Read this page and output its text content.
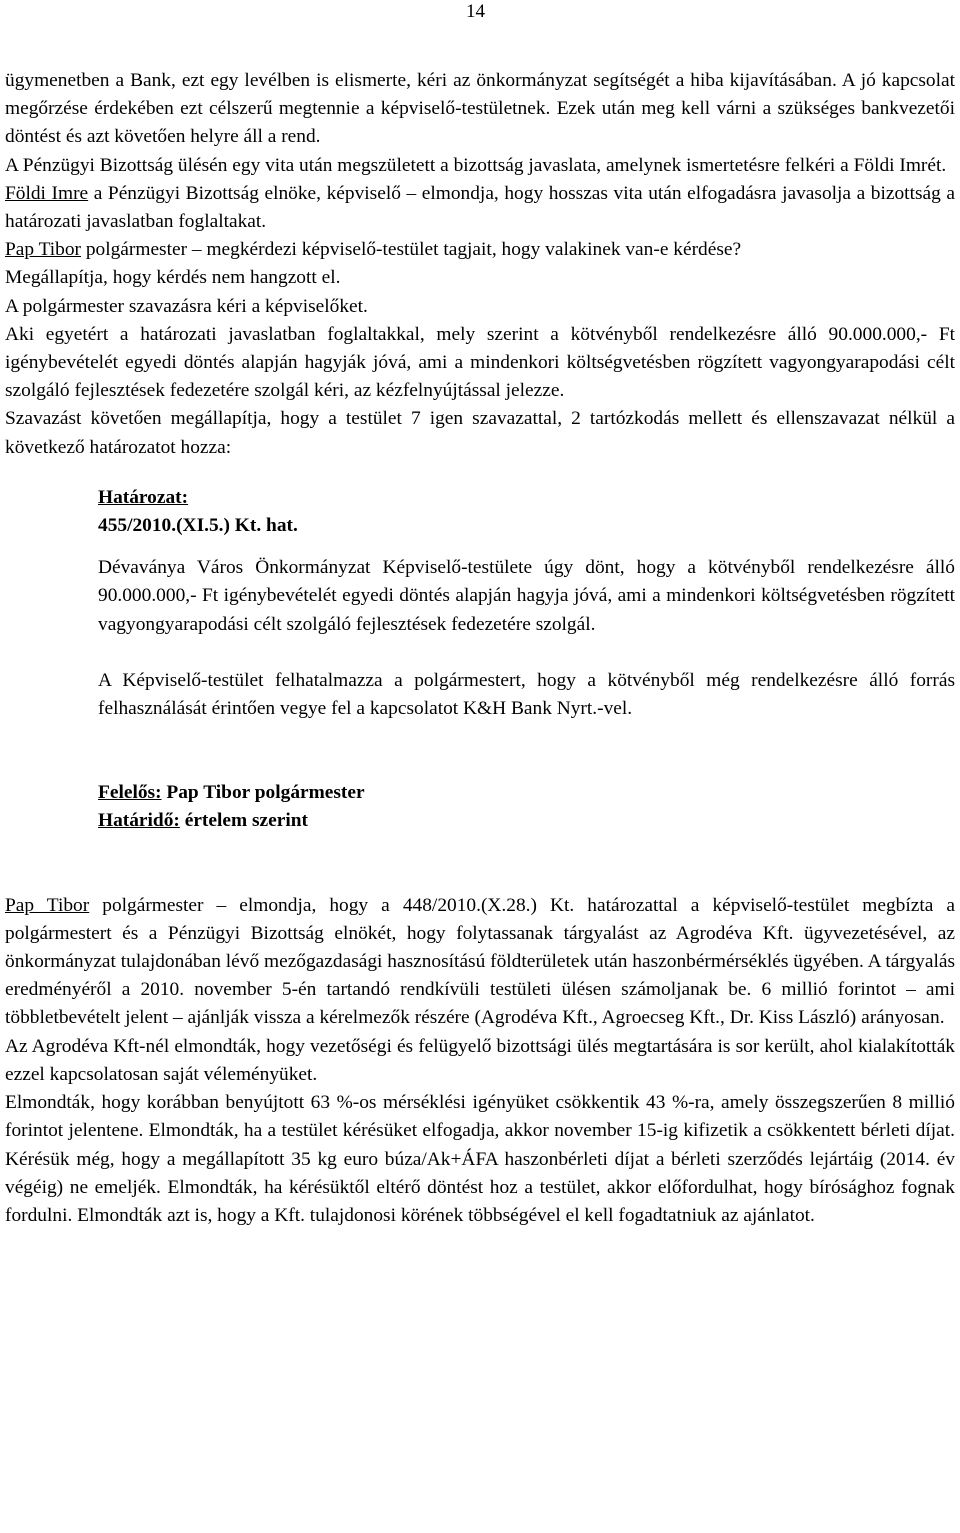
14

ügymenetben a Bank, ezt egy levélben is elismerte, kéri az önkormányzat segítségét a hiba kijavításában. A jó kapcsolat megőrzése érdekében ezt célszerű megtennie a képviselő-testületnek. Ezek után meg kell várni a szükséges bankvezetői döntést és azt követően helyre áll a rend.

A Pénzügyi Bizottság ülésén egy vita után megszületett a bizottság javaslata, amelynek ismertetésre felkéri a Földi Imrét.

Földi Imre a Pénzügyi Bizottság elnöke, képviselő – elmondja, hogy hosszas vita után elfogadásra javasolja a bizottság a határozati javaslatban foglaltakat.

Pap Tibor polgármester – megkérdezi képviselő-testület tagjait, hogy valakinek van-e kérdése?

Megállapítja, hogy kérdés nem hangzott el.

A polgármester szavazásra kéri a képviselőket.

Aki egyetért a határozati javaslatban foglaltakkal, mely szerint a kötvényből rendelkezésre álló 90.000.000,- Ft igénybevételét egyedi döntés alapján hagyják jóvá, ami a mindenkori költségvetésben rögzített vagyongyarapodási célt szolgáló fejlesztések fedezetére szolgál kéri, az kézfelnyújtással jelezze.

Szavazást követően megállapítja, hogy a testület 7 igen szavazattal, 2 tartózkodás mellett és ellenszavazat nélkül a következő határozatot hozza:

Határozat:

455/2010.(XI.5.) Kt. hat.

Dévaványa Város Önkormányzat Képviselő-testülete úgy dönt, hogy a kötvényből rendelkezésre álló 90.000.000,- Ft igénybevételét egyedi döntés alapján hagyja jóvá, ami a mindenkori költségvetésben rögzített vagyongyarapodási célt szolgáló fejlesztések fedezetére szolgál.

A Képviselő-testület felhatalmazza a polgármestert, hogy a kötvényből még rendelkezésre álló forrás felhasználását érintően vegye fel a kapcsolatot K&H Bank Nyrt.-vel.

Felelős: Pap Tibor polgármester

Határidő: értelem szerint

Pap Tibor polgármester – elmondja, hogy a 448/2010.(X.28.) Kt. határozattal a képviselő-testület megbízta a polgármestert és a Pénzügyi Bizottság elnökét, hogy folytassanak tárgyalást az Agrodéva Kft. ügyvezetésével, az önkormányzat tulajdonában lévő mezőgazdasági hasznosítású földterületek után haszonbérmérséklés ügyében. A tárgyalás eredményéről a 2010. november 5-én tartandó rendkívüli testületi ülésen számoljanak be. 6 millió forintot – ami többletbevételt jelent – ajánlják vissza a kérelmezők részére (Agrodéva Kft., Agroecseg Kft., Dr. Kiss László) arányosan.

Az Agrodéva Kft-nél elmondták, hogy vezetőségi és felügyelő bizottsági ülés megtartására is sor került, ahol kialakították ezzel kapcsolatosan saját véleményüket.

Elmondták, hogy korábban benyújtott 63 %-os mérséklési igényüket csökkentik 43 %-ra, amely összegszerűen 8 millió forintot jelentene. Elmondták, ha a testület kérésüket elfogadja, akkor november 15-ig kifizetik a csökkentett bérleti díjat. Kérésük még, hogy a megállapított 35 kg euro búza/Ak+ÁFA haszonbérleti díjat a bérleti szerződés lejártáig (2014. év végéig) ne emeljék. Elmondták, ha kérésüktől eltérő döntést hoz a testület, akkor előfordulhat, hogy bírósághoz fognak fordulni. Elmondták azt is, hogy a Kft. tulajdonosi körének többségével el kell fogadtatniuk az ajánlatot.
